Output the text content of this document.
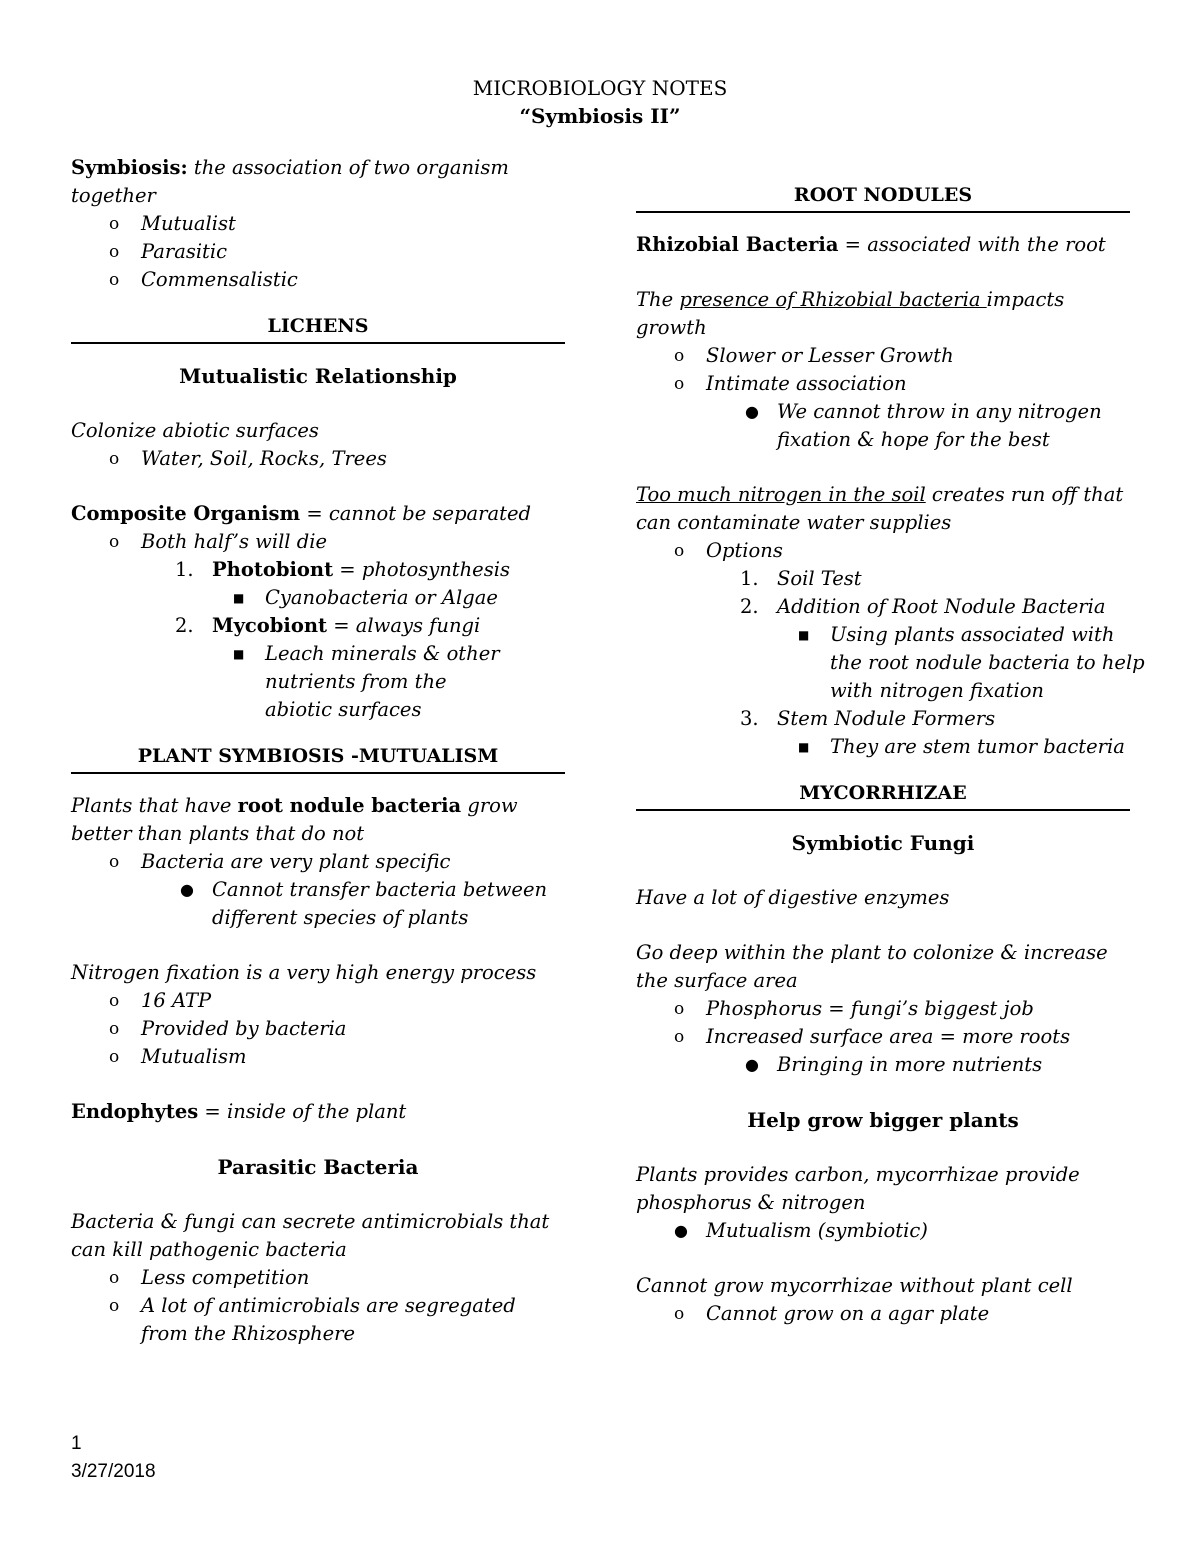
MICROBIOLOGY NOTES
“Symbiosis II”

Symbiosis: the association of two organism together

o Mutualist
o Parasitic
o Commensalistic

LICHENS

Mutualistic Relationship

Colonize abiotic surfaces

o Water, Soil, Rocks, Trees

Composite Organism = cannot be separated

o Both half’s will die
1. Photobiont = photosynthesis
■ Cyanobacteria or Algae
2. Mycobiont = always fungi
■ Leach minerals & other nutrients from the abiotic surfaces

PLANT SYMBIOSIS -MUTUALISM

Plants that have root nodule bacteria grow better than plants that do not

o Bacteria are very plant specific
● Cannot transfer bacteria between different species of plants

Nitrogen fixation is a very high energy process

o 16 ATP
o Provided by bacteria
o Mutualism

Endophytes = inside of the plant

Parasitic Bacteria

Bacteria & fungi can secrete antimicrobials that can kill pathogenic bacteria

o Less competition
o A lot of antimicrobials are segregated from the Rhizosphere

ROOT NODULES

Rhizobial Bacteria = associated with the root

The presence of Rhizobial bacteria impacts growth

o Slower or Lesser Growth
o Intimate association
● We cannot throw in any nitrogen fixation & hope for the best

Too much nitrogen in the soil creates run off that can contaminate water supplies

o Options
1. Soil Test
2. Addition of Root Nodule Bacteria
■ Using plants associated with the root nodule bacteria to help with nitrogen fixation
3. Stem Nodule Formers
■ They are stem tumor bacteria

MYCORRHIZAE

Symbiotic Fungi

Have a lot of digestive enzymes

Go deep within the plant to colonize & increase the surface area

o Phosphorus = fungi’s biggest job
o Increased surface area = more roots
● Bringing in more nutrients

Help grow bigger plants

Plants provides carbon, mycorrhizae provide phosphorus & nitrogen

● Mutualism (symbiotic)

Cannot grow mycorrhizae without plant cell

o Cannot grow on a agar plate
1
3/27/2018
